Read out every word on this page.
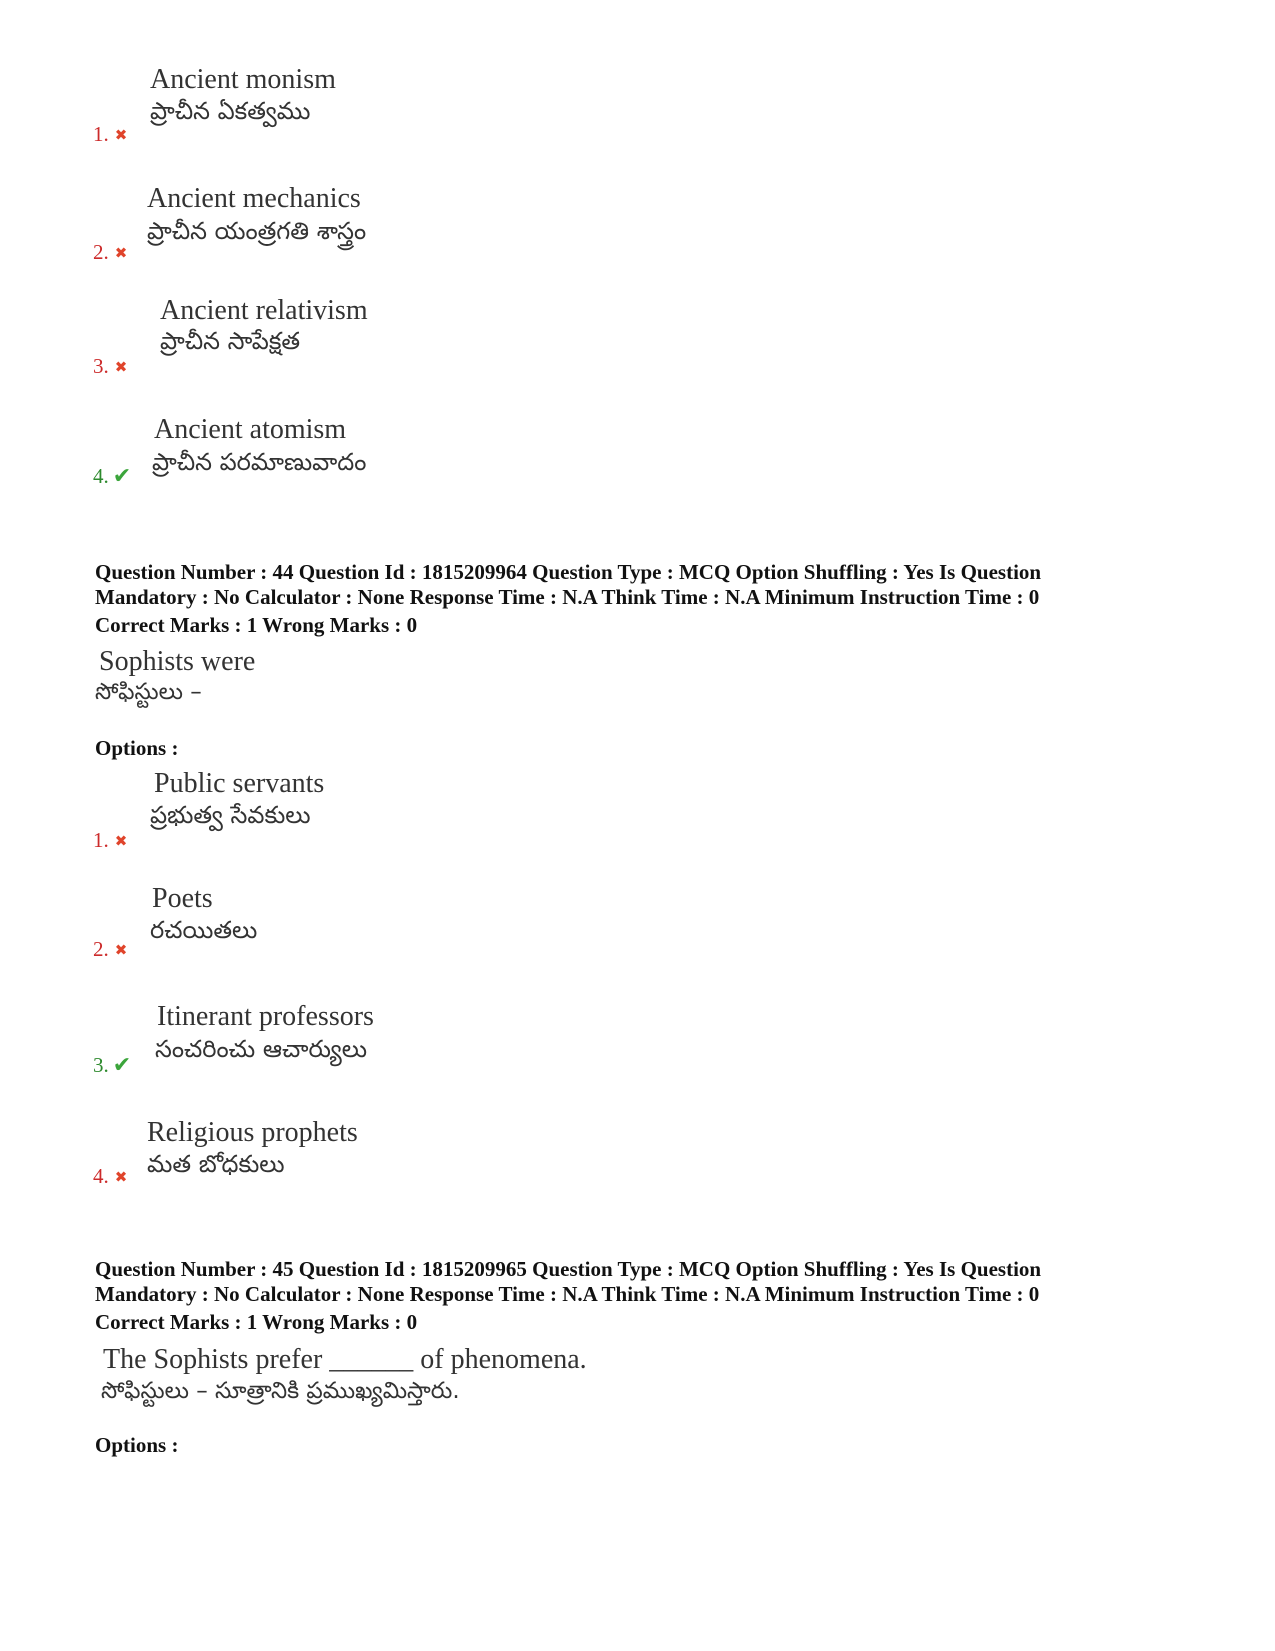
Ancient monism
ప్రాచీన ఏకత్వము
1. ✖
Ancient mechanics
ప్రాచీన యంత్రగతి శాస్త్రం
2. ✖
Ancient relativism
ప్రాచీన సాపేక్షత
3. ✖
Ancient atomism
ప్రాచీన పరమాణువాదం
4. ✔
Question Number : 44 Question Id : 1815209964 Question Type : MCQ Option Shuffling : Yes Is Question
Mandatory : No Calculator : None Response Time : N.A Think Time : N.A Minimum Instruction Time : 0
Correct Marks : 1 Wrong Marks : 0
Sophists were
సోఫిస్టులు –
Options :
Public servants
ప్రభుత్వ సేవకులు
1. ✖
Poets
రచయితలు
2. ✖
Itinerant professors
సంచరించు ఆచార్యులు
3. ✔
Religious prophets
మత బోధకులు
4. ✖
Question Number : 45 Question Id : 1815209965 Question Type : MCQ Option Shuffling : Yes Is Question
Mandatory : No Calculator : None Response Time : N.A Think Time : N.A Minimum Instruction Time : 0
Correct Marks : 1 Wrong Marks : 0
The Sophists prefer ______ of phenomena.
సోఫిస్టులు – సూత్రానికి ప్రముఖ్యమిస్తారు.
Options :
